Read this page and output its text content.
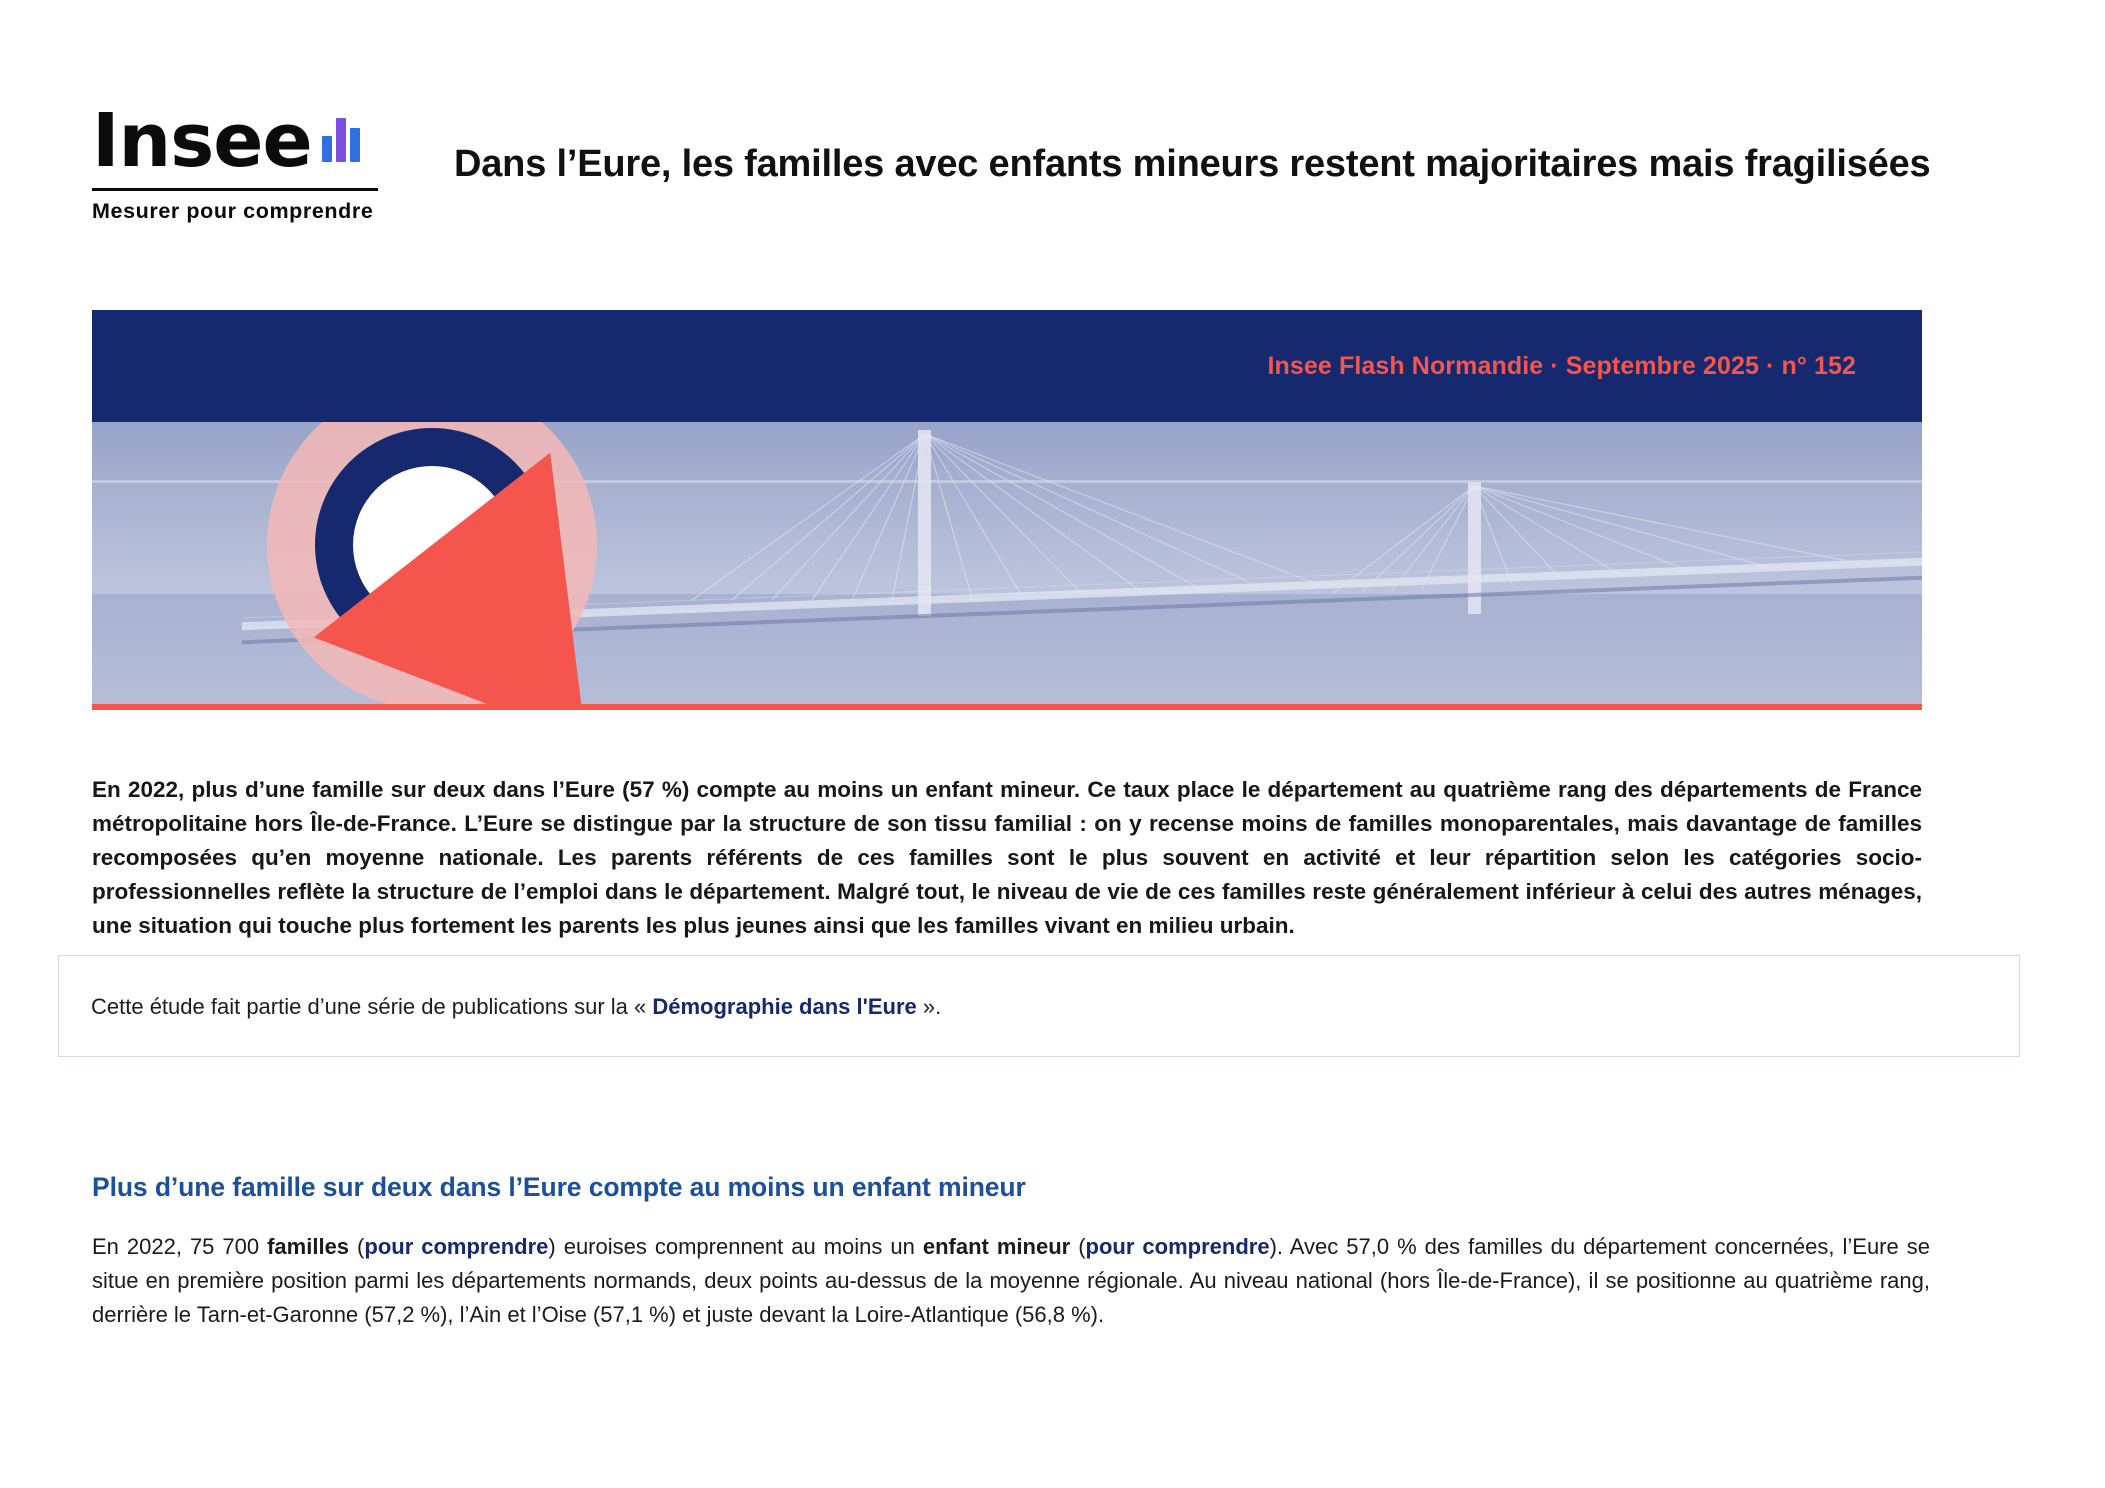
Insee
Mesurer pour comprendre
Dans l’Eure, les familles avec enfants mineurs restent majoritaires mais fragilisées
Insee Flash Normandie · Septembre 2025 · n° 152

En 2022, plus d’une famille sur deux dans l’Eure (57 %) compte au moins un enfant mineur. Ce taux place le département au quatrième rang des départements de France métropolitaine hors Île-de-France. L’Eure se distingue par la structure de son tissu familial : on y recense moins de familles monoparentales, mais davantage de familles recomposées qu’en moyenne nationale. Les parents référents de ces familles sont le plus souvent en activité et leur répartition selon les catégories socio-professionnelles reflète la structure de l’emploi dans le département. Malgré tout, le niveau de vie de ces familles reste généralement inférieur à celui des autres ménages, une situation qui touche plus fortement les parents les plus jeunes ainsi que les familles vivant en milieu urbain.

Cette étude fait partie d’une série de publications sur la « Démographie dans l'Eure ».

Plus d’une famille sur deux dans l’Eure compte au moins un enfant mineur

En 2022, 75 700 familles (pour comprendre) euroises comprennent au moins un enfant mineur (pour comprendre). Avec 57,0 % des familles du département concernées, l’Eure se situe en première position parmi les départements normands, deux points au-dessus de la moyenne régionale. Au niveau national (hors Île-de-France), il se positionne au quatrième rang, derrière le Tarn-et-Garonne (57,2 %), l’Ain et l’Oise (57,1 %) et juste devant la Loire-Atlantique (56,8 %).
